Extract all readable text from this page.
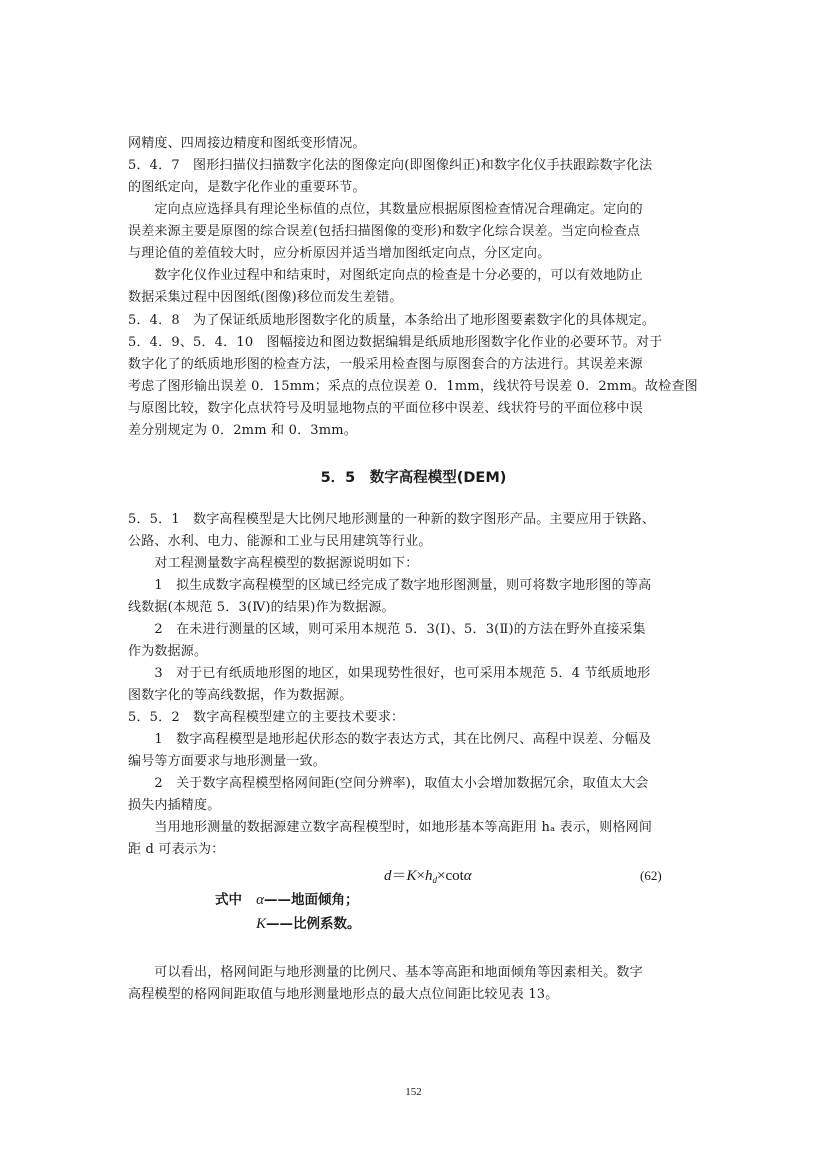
网精度、四周接边精度和图纸变形情况。
5．4．7　图形扫描仪扫描数字化法的图像定向(即图像纠正)和数字化仪手扶跟踪数字化法
的图纸定向，是数字化作业的重要环节。
　　定向点应选择具有理论坐标值的点位，其数量应根据原图检查情况合理确定。定向的
误差来源主要是原图的综合误差(包括扫描图像的变形)和数字化综合误差。当定向检查点
与理论值的差值较大时，应分析原因并适当增加图纸定向点，分区定向。
　　数字化仪作业过程中和结束时，对图纸定向点的检查是十分必要的，可以有效地防止
数据采集过程中因图纸(图像)移位而发生差错。
5．4．8　为了保证纸质地形图数字化的质量，本条给出了地形图要素数字化的具体规定。
5．4．9、5．4．10　图幅接边和图边数据编辑是纸质地形图数字化作业的必要环节。对于
数字化了的纸质地形图的检查方法，一般采用检查图与原图套合的方法进行。其误差来源
考虑了图形输出误差 0．15mm；采点的点位误差 0．1mm，线状符号误差 0．2mm。故检查图
与原图比较，数字化点状符号及明显地物点的平面位移中误差、线状符号的平面位移中误
差分别规定为 0．2mm 和 0．3mm。
5．5　数字高程模型(DEM)
5．5．1　数字高程模型是大比例尺地形测量的一种新的数字图形产品。主要应用于铁路、
公路、水利、电力、能源和工业与民用建筑等行业。
　　对工程测量数字高程模型的数据源说明如下：
　　1　拟生成数字高程模型的区域已经完成了数字地形图测量，则可将数字地形图的等高
线数据(本规范 5．3(Ⅳ)的结果)作为数据源。
　　2　在未进行测量的区域，则可采用本规范 5．3(Ⅰ)、5．3(Ⅱ)的方法在野外直接采集
作为数据源。
　　3　对于已有纸质地形图的地区，如果现势性很好，也可采用本规范 5．4 节纸质地形
图数字化的等高线数据，作为数据源。
5．5．2　数字高程模型建立的主要技术要求：
　　1　数字高程模型是地形起伏形态的数字表达方式，其在比例尺、高程中误差、分幅及
编号等方面要求与地形测量一致。
　　2　关于数字高程模型格网间距(空间分辨率)，取值太小会增加数据冗余，取值太大会
损失内插精度。
　　当用地形测量的数据源建立数字高程模型时，如地形基本等高距用 hₐ 表示，则格网间
距 d 可表示为：
$d=K\times h_d\times\cot\alpha$	(62)
式中 α——地面倾角；
K——比例系数。
　　可以看出，格网间距与地形测量的比例尺、基本等高距和地面倾角等因素相关。数字
高程模型的格网间距取值与地形测量地形点的最大点位间距比较见表 13。
152
